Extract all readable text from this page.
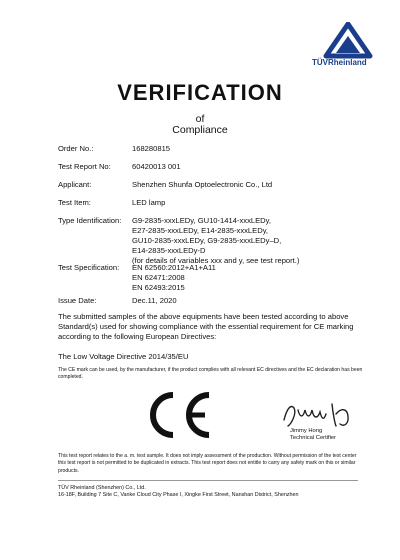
TÜVRheinland
VERIFICATION
of
Compliance
Order No.:	168280815
Test Report No:	60420013 001
Applicant:	Shenzhen Shunfa Optoelectronic Co., Ltd
Test Item:	LED lamp
Type Identification: G9-2835-xxxLEDy, GU10-1414-xxxLEDy,
E27-2835-xxxLEDy, E14-2835-xxxLEDy,
GU10-2835-xxxLEDy, G9-2835-xxxLEDy–D,
E14-2835-xxxLEDy-D
(for details of variables xxx and y, see test report.)
Test Specification: EN 62560:2012+A1+A11
EN 62471:2008
EN 62493:2015
Issue Date:	Dec.11, 2020
The submitted samples of the above equipments have been tested according to above Standard(s) used for showing compliance with the essential requirement for CE marking according to the following European Directives:
The Low Voltage Directive 2014/35/EU
The CE mark can be used, by the manufacturer, if the product complies with all relevant EC directives and the EC declaration has been completed.
Jimmy Hong
Technical Certifier
This test report relates to the a. m. test sample. It does not imply assessment of the production. Without permission of the test center this test report is not permitted to be duplicated in extracts. This test report does not entitle to carry any safety mark on this or similar products.
TÜV Rheinland (Shenzhen) Co., Ltd.
16-18F, Building 7 Site C, Vanke Cloud City Phase I, Xingke First Street, Nanshan District, Shenzhen
